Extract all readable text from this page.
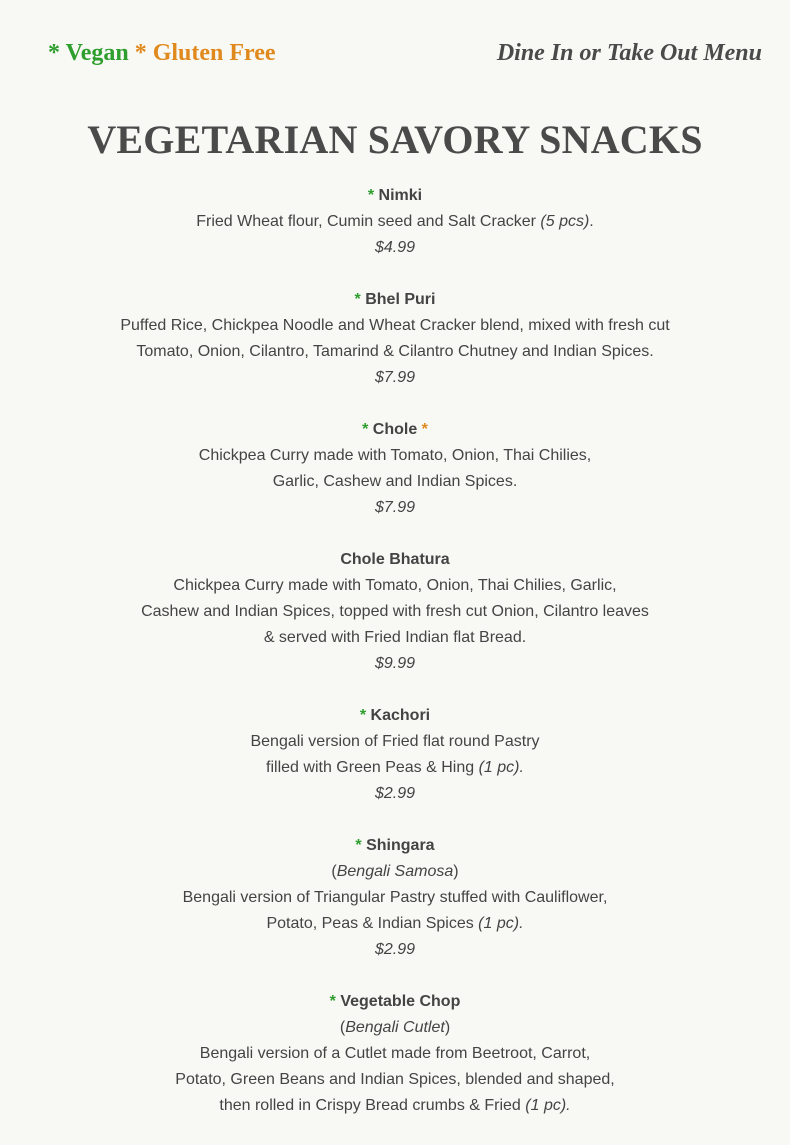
* Vegan * Gluten Free	Dine In or Take Out Menu
VEGETARIAN SAVORY SNACKS
* Nimki
Fried Wheat flour, Cumin seed and Salt Cracker (5 pcs).
$4.99
* Bhel Puri
Puffed Rice, Chickpea Noodle and Wheat Cracker blend, mixed with fresh cut
Tomato, Onion, Cilantro, Tamarind & Cilantro Chutney and Indian Spices.
$7.99
* Chole *
Chickpea Curry made with Tomato, Onion, Thai Chilies,
Garlic, Cashew and Indian Spices.
$7.99
Chole Bhatura
Chickpea Curry made with Tomato, Onion, Thai Chilies, Garlic,
Cashew and Indian Spices, topped with fresh cut Onion, Cilantro leaves
& served with Fried Indian flat Bread.
$9.99
* Kachori
Bengali version of Fried flat round Pastry
filled with Green Peas & Hing (1 pc).
$2.99
* Shingara
(Bengali Samosa)
Bengali version of Triangular Pastry stuffed with Cauliflower,
Potato, Peas & Indian Spices (1 pc).
$2.99
* Vegetable Chop
(Bengali Cutlet)
Bengali version of a Cutlet made from Beetroot, Carrot,
Potato, Green Beans and Indian Spices, blended and shaped,
then rolled in Crispy Bread crumbs & Fried (1 pc).
